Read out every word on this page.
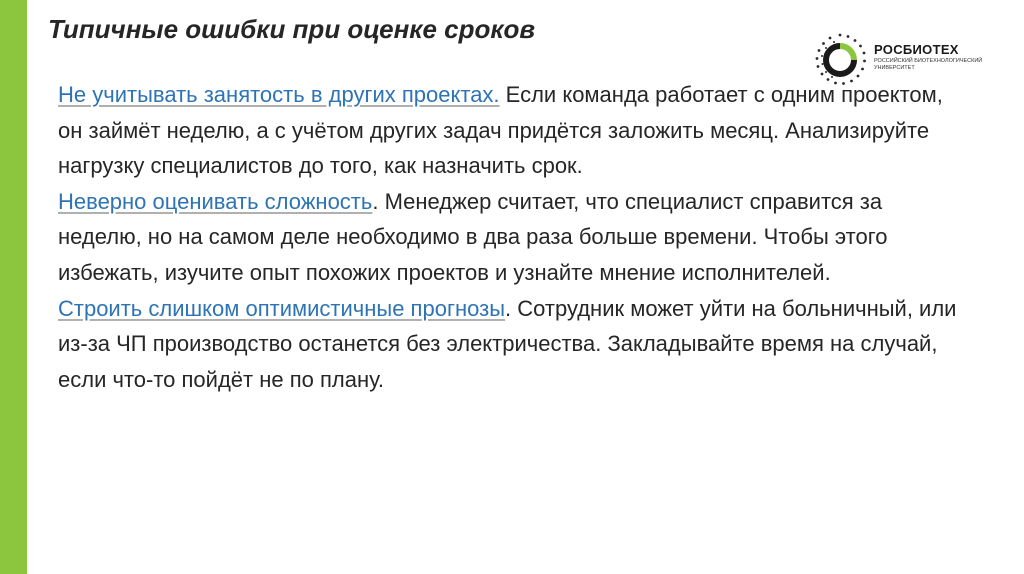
Типичные ошибки при оценке сроков
РОСБИОТЕХ
РОССИЙСКИЙ БИОТЕХНОЛОГИЧЕСКИЙ УНИВЕРСИТЕТ

Не учитывать занятость в других проектах. Если команда работает с одним проектом, он займёт неделю, а с учётом других задач придётся заложить месяц. Анализируйте нагрузку специалистов до того, как назначить срок.

Неверно оценивать сложность. Менеджер считает, что специалист справится за неделю, но на самом деле необходимо в два раза больше времени. Чтобы этого избежать, изучите опыт похожих проектов и узнайте мнение исполнителей.

Строить слишком оптимистичные прогнозы. Сотрудник может уйти на больничный, или из-за ЧП производство останется без электричества. Закладывайте время на случай, если что-то пойдёт не по плану.
